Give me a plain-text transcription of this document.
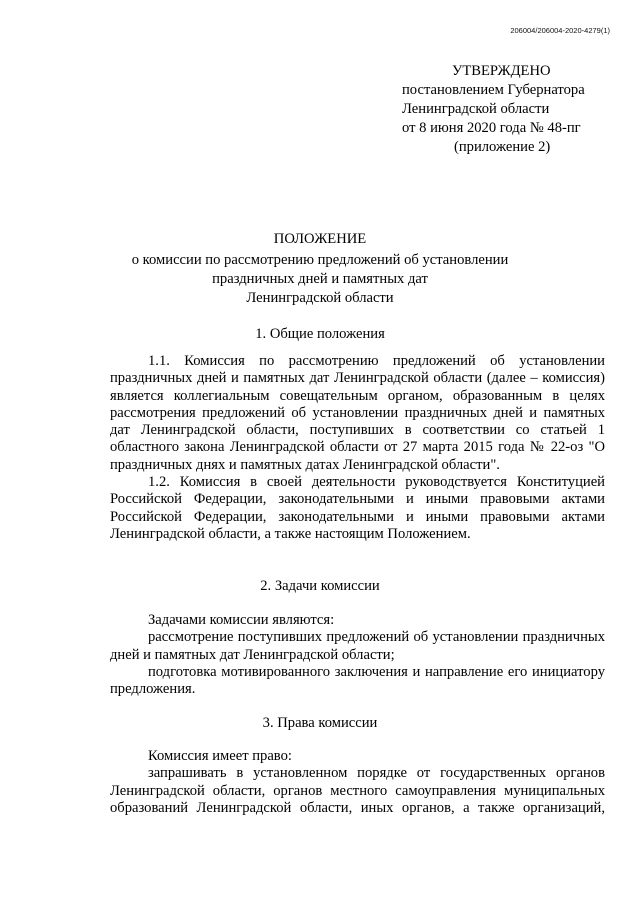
206004/206004-2020-4279(1)
УТВЕРЖДЕНО
постановлением Губернатора
Ленинградской области
от 8 июня 2020 года № 48-пг
(приложение 2)
ПОЛОЖЕНИЕ
о комиссии по рассмотрению предложений об установлении
праздничных дней и памятных дат
Ленинградской области
1. Общие положения

1.1. Комиссия по рассмотрению предложений об установлении праздничных дней и памятных дат Ленинградской области (далее – комиссия) является коллегиальным совещательным органом, образованным в целях рассмотрения предложений об установлении праздничных дней и памятных дат Ленинградской области, поступивших в соответствии со статьей 1 областного закона Ленинградской области от 27 марта 2015 года № 22-оз "О праздничных днях и памятных датах Ленинградской области".

1.2. Комиссия в своей деятельности руководствуется Конституцией Российской Федерации, законодательными и иными правовыми актами Российской Федерации, законодательными и иными правовыми актами Ленинградской области, а также настоящим Положением.

2. Задачи комиссии

Задачами комиссии являются:

рассмотрение поступивших предложений об установлении праздничных дней и памятных дат Ленинградской области;

подготовка мотивированного заключения и направление его инициатору предложения.

3. Права комиссии

Комиссия имеет право:

запрашивать в установленном порядке от государственных органов Ленинградской области, органов местного самоуправления муниципальных образований Ленинградской области, иных органов, а также организаций,
